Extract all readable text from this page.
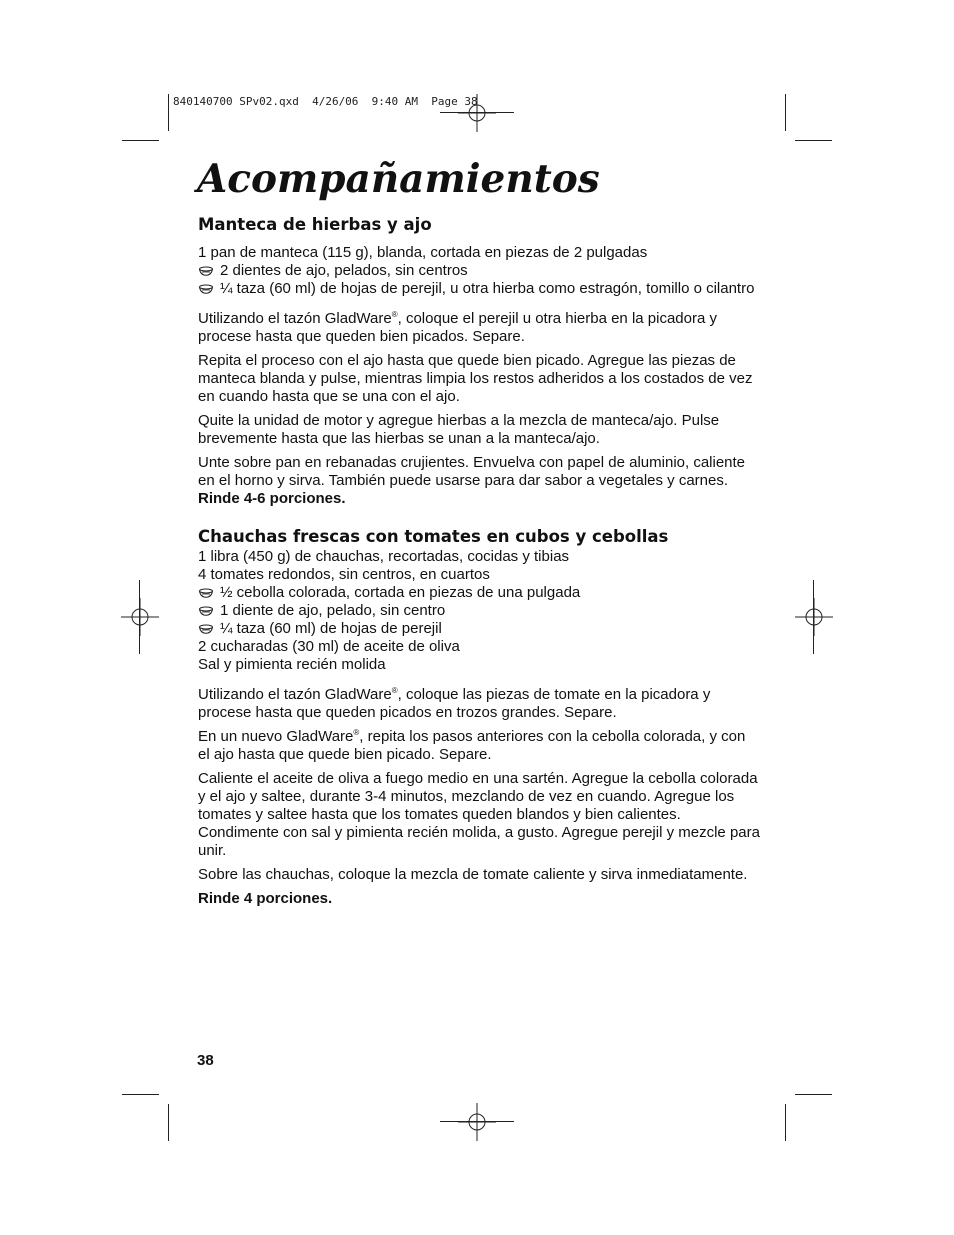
840140700 SPv02.qxd  4/26/06  9:40 AM  Page 38
Acompañamientos
Manteca de hierbas y ajo
1 pan de manteca (115 g), blanda, cortada en piezas de 2 pulgadas
2 dientes de ajo, pelados, sin centros
¼ taza (60 ml) de hojas de perejil, u otra hierba como estragón, tomillo o cilantro

Utilizando el tazón GladWare®, coloque el perejil u otra hierba en la picadora y procese hasta que queden bien picados. Separe.

Repita el proceso con el ajo hasta que quede bien picado. Agregue las piezas de manteca blanda y pulse, mientras limpia los restos adheridos a los costados de vez en cuando hasta que se una con el ajo.

Quite la unidad de motor y agregue hierbas a la mezcla de manteca/ajo. Pulse brevemente hasta que las hierbas se unan a la manteca/ajo.

Unte sobre pan en rebanadas crujientes. Envuelva con papel de aluminio, caliente en el horno y sirva. También puede usarse para dar sabor a vegetales y carnes.
Rinde 4-6 porciones.

Chauchas frescas con tomates en cubos y cebollas
1 libra (450 g) de chauchas, recortadas, cocidas y tibias
4 tomates redondos, sin centros, en cuartos
½ cebolla colorada, cortada en piezas de una pulgada
1 diente de ajo, pelado, sin centro
¼ taza (60 ml) de hojas de perejil
2 cucharadas (30 ml) de aceite de oliva
Sal y pimienta recién molida

Utilizando el tazón GladWare®, coloque las piezas de tomate en la picadora y procese hasta que queden picados en trozos grandes. Separe.

En un nuevo GladWare®, repita los pasos anteriores con la cebolla colorada, y con el ajo hasta que quede bien picado. Separe.

Caliente el aceite de oliva a fuego medio en una sartén. Agregue la cebolla colorada y el ajo y saltee, durante 3-4 minutos, mezclando de vez en cuando. Agregue los tomates y saltee hasta que los tomates queden blandos y bien calientes. Condimente con sal y pimienta recién molida, a gusto. Agregue perejil y mezcle para unir.

Sobre las chauchas, coloque la mezcla de tomate caliente y sirva inmediatamente.

Rinde 4 porciones.

38
